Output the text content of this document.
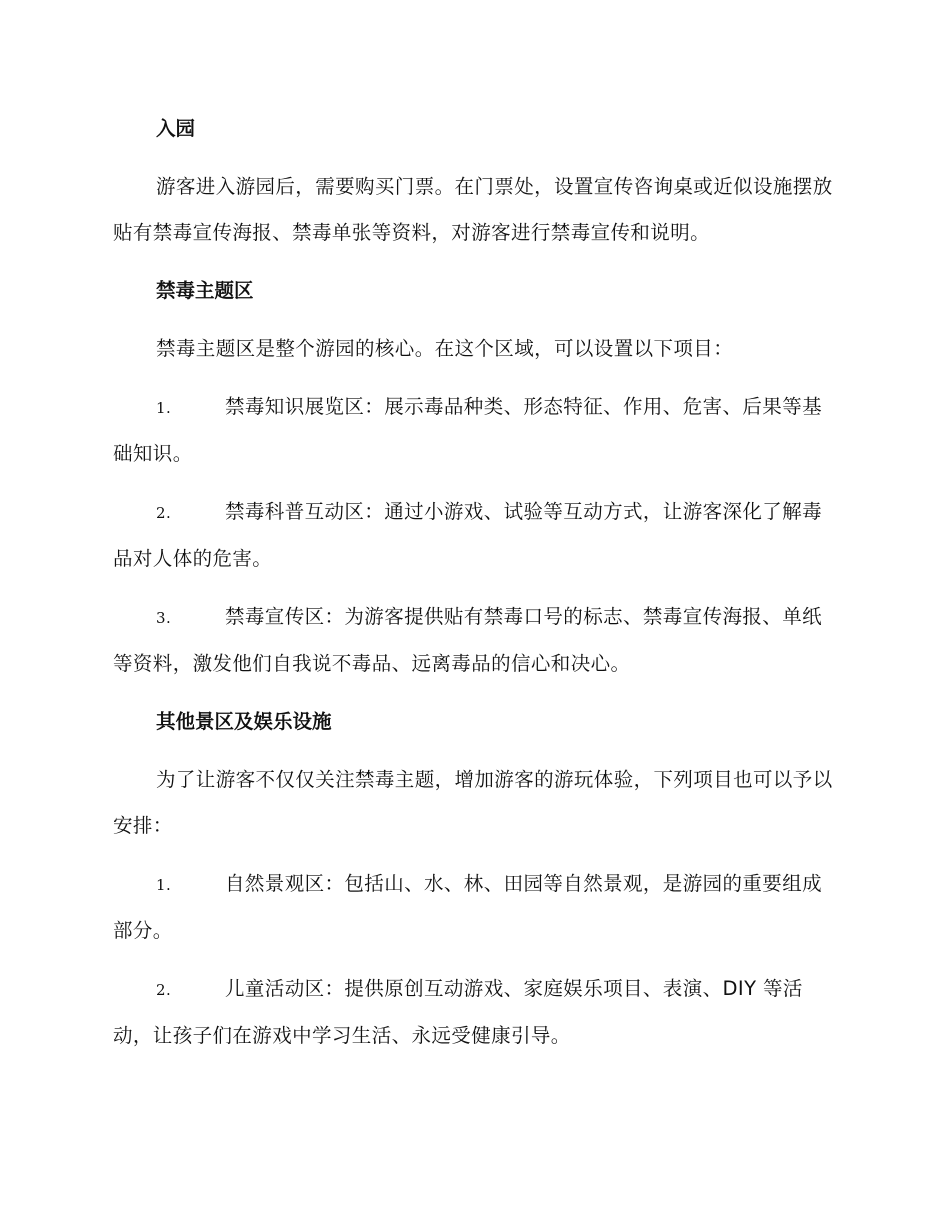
入园

游客进入游园后，需要购买门票。在门票处，设置宣传咨询桌或近似设施摆放贴有禁毒宣传海报、禁毒单张等资料，对游客进行禁毒宣传和说明。

禁毒主题区

禁毒主题区是整个游园的核心。在这个区域，可以设置以下项目：

1.	禁毒知识展览区：展示毒品种类、形态特征、作用、危害、后果等基础知识。

2.	禁毒科普互动区：通过小游戏、试验等互动方式，让游客深化了解毒品对人体的危害。

3.	禁毒宣传区：为游客提供贴有禁毒口号的标志、禁毒宣传海报、单纸等资料，激发他们自我说不毒品、远离毒品的信心和决心。

其他景区及娱乐设施

为了让游客不仅仅关注禁毒主题，增加游客的游玩体验，下列项目也可以予以安排：

1.	自然景观区：包括山、水、林、田园等自然景观，是游园的重要组成部分。

2.	儿童活动区：提供原创互动游戏、家庭娱乐项目、表演、DIY 等活动，让孩子们在游戏中学习生活、永远受健康引导。
